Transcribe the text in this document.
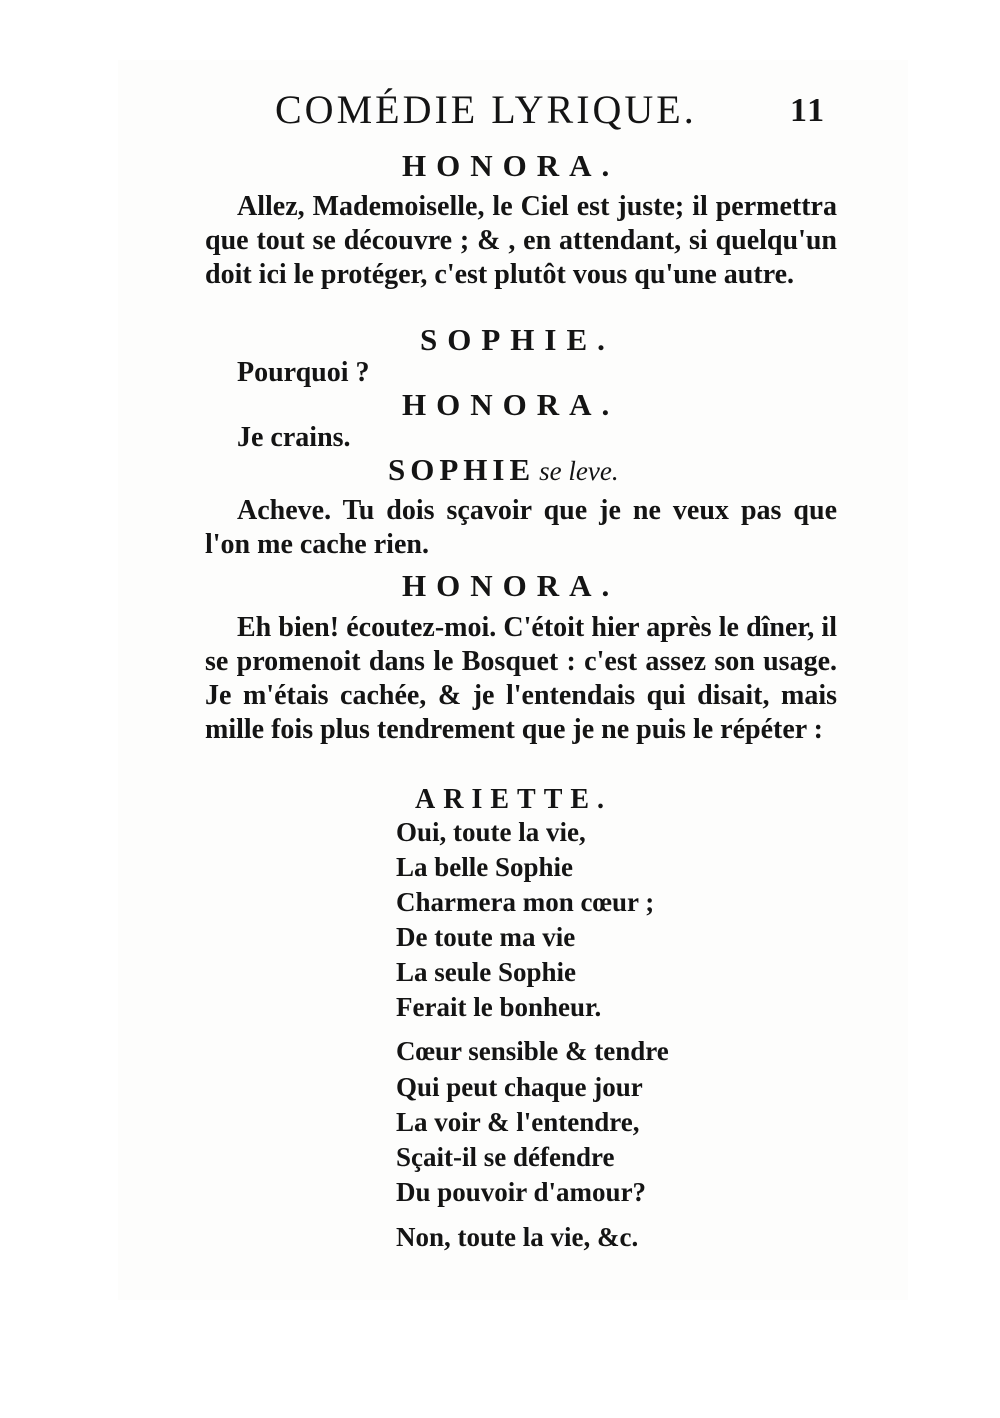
COMÉDIE LYRIQUE.	11
HONORA.
Allez, Mademoiselle, le Ciel est juste; il permettra que tout se découvre ; & , en attendant, si quelqu'un doit ici le protéger, c'est plutôt vous qu'une autre.
SOPHIE.
Pourquoi ?
HONORA.
Je crains.
SOPHIE se leve.
Acheve. Tu dois sçavoir que je ne veux pas que l'on me cache rien.
HONORA.
Eh bien! écoutez-moi. C'étoit hier après le dîner, il se promenoit dans le Bosquet : c'est assez son usage. Je m'étais cachée, & je l'entendais qui disait, mais mille fois plus tendrement que je ne puis le répéter :
ARIETTE.
Oui, toute la vie,
La belle Sophie
Charmera mon cœur ;
De toute ma vie
La seule Sophie
Ferait le bonheur.
Cœur sensible & tendre
Qui peut chaque jour
La voir & l'entendre,
Sçait-il se défendre
Du pouvoir d'amour?
Non, toute la vie, &c.
